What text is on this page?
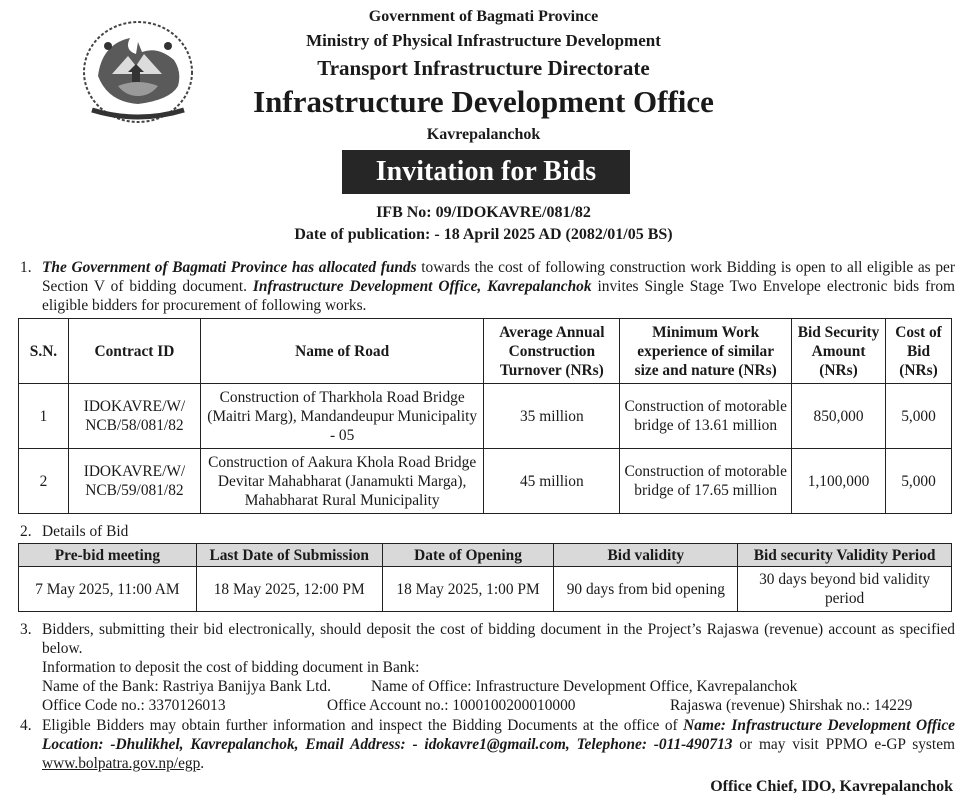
Government of Bagmati Province
Ministry of Physical Infrastructure Development
Transport Infrastructure Directorate
Infrastructure Development Office
Kavrepalanchok
Invitation for Bids
IFB No: 09/IDOKAVRE/081/82
Date of publication: - 18 April 2025 AD (2082/01/05 BS)
1. The Government of Bagmati Province has allocated funds towards the cost of following construction work Bidding is open to all eligible as per Section V of bidding document. Infrastructure Development Office, Kavrepalanchok invites Single Stage Two Envelope electronic bids from eligible bidders for procurement of following works.
S.N.	Contract ID	Name of Road	Average Annual Construction Turnover (NRs)	Minimum Work experience of similar size and nature (NRs)	Bid Security Amount (NRs)	Cost of Bid (NRs)
1	IDOKAVRE/W/ NCB/58/081/82	Construction of Tharkhola Road Bridge (Maitri Marg), Mandandeupur Municipality - 05	35 million	Construction of motorable bridge of 13.61 million	850,000	5,000
2	IDOKAVRE/W/ NCB/59/081/82	Construction of Aakura Khola Road Bridge Devitar Mahabharat (Janamukti Marga), Mahabharat Rural Municipality	45 million	Construction of motorable bridge of 17.65 million	1,100,000	5,000
2. Details of Bid
Pre-bid meeting	Last Date of Submission	Date of Opening	Bid validity	Bid security Validity Period
7 May 2025, 11:00 AM	18 May 2025, 12:00 PM	18 May 2025, 1:00 PM	90 days from bid opening	30 days beyond bid validity period
3. Bidders, submitting their bid electronically, should deposit the cost of bidding document in the Project’s Rajaswa (revenue) account as specified below.
Information to deposit the cost of bidding document in Bank:
Name of the Bank: Rastriya Banijya Bank Ltd.	Name of Office: Infrastructure Development Office, Kavrepalanchok
Office Code no.: 3370126013	Office Account no.: 1000100200010000	Rajaswa (revenue) Shirshak no.: 14229
4. Eligible Bidders may obtain further information and inspect the Bidding Documents at the office of Name: Infrastructure Development Office Location: -Dhulikhel, Kavrepalanchok, Email Address: - idokavre1@gmail.com, Telephone: -011-490713 or may visit PPMO e-GP system www.bolpatra.gov.np/egp.
Office Chief, IDO, Kavrepalanchok
